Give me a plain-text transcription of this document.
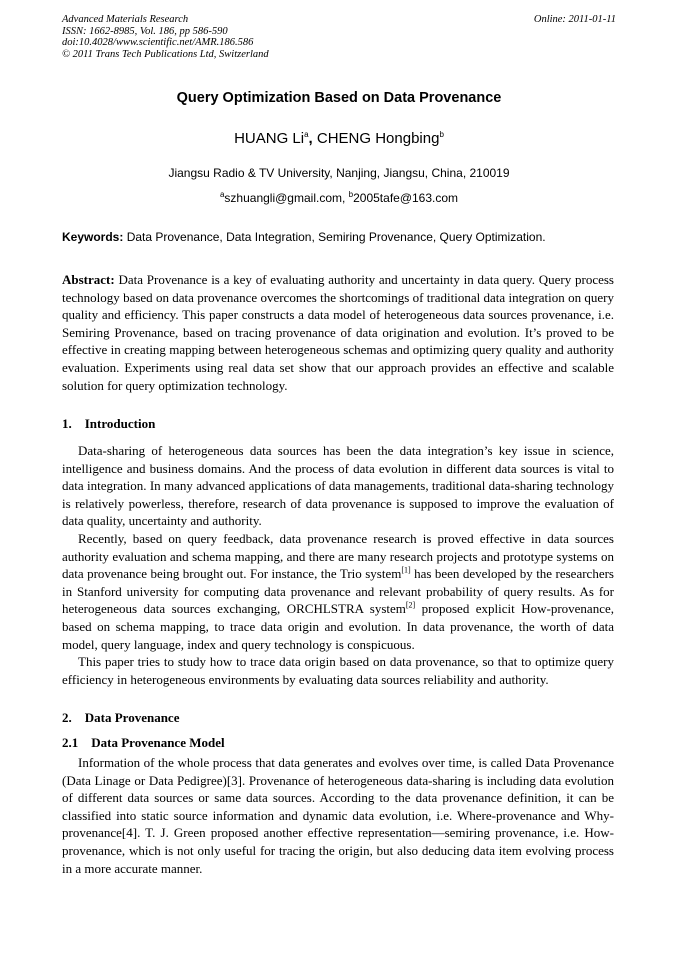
Advanced Materials Research
ISSN: 1662-8985, Vol. 186, pp 586-590
doi:10.4028/www.scientific.net/AMR.186.586
© 2011 Trans Tech Publications Ltd, Switzerland
Online: 2011-01-11
Query Optimization Based on Data Provenance
HUANG Li$^a$, CHENG Hongbing$^b$
Jiangsu Radio & TV University, Nanjing, Jiangsu, China, 210019
$^a$szhuangli@gmail.com, $^b$2005tafe@163.com
Keywords: Data Provenance, Data Integration, Semiring Provenance, Query Optimization.

Abstract: Data Provenance is a key of evaluating authority and uncertainty in data query. Query process technology based on data provenance overcomes the shortcomings of traditional data integration on query quality and efficiency. This paper constructs a data model of heterogeneous data sources provenance, i.e. Semiring Provenance, based on tracing provenance of data origination and evolution. It’s proved to be effective in creating mapping between heterogeneous schemas and optimizing query quality and authority evaluation. Experiments using real data set show that our approach provides an effective and scalable solution for query optimization technology.

1.    Introduction

Data-sharing of heterogeneous data sources has been the data integration’s key issue in science, intelligence and business domains. And the process of data evolution in different data sources is vital to data integration. In many advanced applications of data managements, traditional data-sharing technology is relatively powerless, therefore, research of data provenance is supposed to improve the evaluation of data quality, uncertainty and authority.

Recently, based on query feedback, data provenance research is proved effective in data sources authority evaluation and schema mapping, and there are many research projects and prototype systems on data provenance being brought out. For instance, the Trio system[1] has been developed by the researchers in Stanford university for computing data provenance and relevant probability of query results. As for heterogeneous data sources exchanging, ORCHLSTRA system[2] proposed explicit How-provenance, based on schema mapping, to trace data origin and evolution. In data provenance, the worth of data model, query language, index and query technology is conspicuous.

This paper tries to study how to trace data origin based on data provenance, so that to optimize query efficiency in heterogeneous environments by evaluating data sources reliability and authority.

2.    Data Provenance
2.1    Data Provenance Model

Information of the whole process that data generates and evolves over time, is called Data Provenance (Data Linage or Data Pedigree)[3]. Provenance of heterogeneous data-sharing is including data evolution of different data sources or same data sources. According to the data provenance definition, it can be classified into static source information and dynamic data evolution, i.e. Where-provenance and Why-provenance[4]. T. J. Green proposed another effective representation—semiring provenance, i.e. How-provenance, which is not only useful for tracing the origin, but also deducing data item evolving process in a more accurate manner.
